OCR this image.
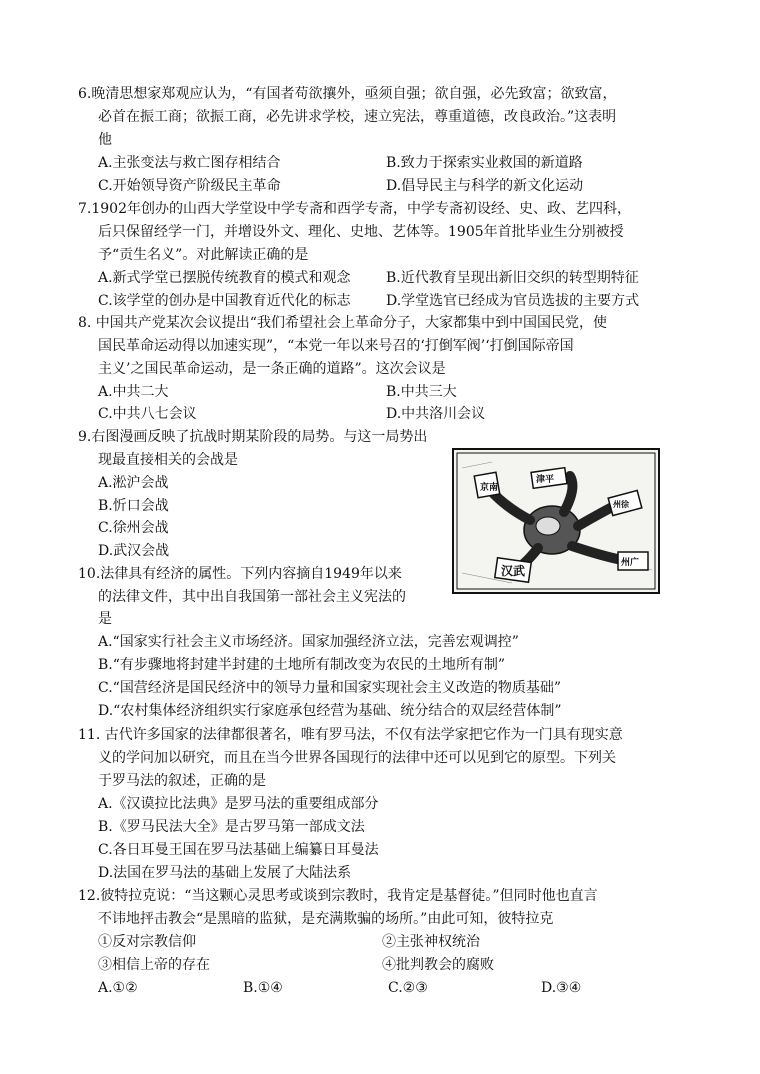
6.晚清思想家郑观应认为，“有国者苟欲攘外，亟须自强；欲自强，必先致富；欲致富，
必首在振工商；欲振工商，必先讲求学校，速立宪法，尊重道德，改良政治。”这表明
他
A.主张变法与救亡图存相结合	B.致力于探索实业救国的新道路
C.开始领导资产阶级民主革命	D.倡导民主与科学的新文化运动
7.1902年创办的山西大学堂设中学专斋和西学专斋，中学专斋初设经、史、政、艺四科，
后只保留经学一门，并增设外文、理化、史地、艺体等。1905年首批毕业生分别被授
予“贡生名义”。对此解读正确的是
A.新式学堂已摆脱传统教育的模式和观念	B.近代教育呈现出新旧交织的转型期特征
C.该学堂的创办是中国教育近代化的标志	D.学堂选官已经成为官员选拔的主要方式
8. 中国共产党某次会议提出“我们希望社会上革命分子，大家都集中到中国国民党，使
国民革命运动得以加速实现”，“本党一年以来号召的‘打倒军阀’‘打倒国际帝国
主义’之国民革命运动，是一条正确的道路”。这次会议是
A.中共二大	B.中共三大
C.中共八七会议	D.中共洛川会议
9.右图漫画反映了抗战时期某阶段的局势。与这一局势出
现最直接相关的会战是
A.淞沪会战
B.忻口会战
C.徐州会战
D.武汉会战
京南
津平
州徐
汉武
州广
10.法律具有经济的属性。下列内容摘自1949年以来
的法律文件，其中出自我国第一部社会主义宪法的
是
A.“国家实行社会主义市场经济。国家加强经济立法，完善宏观调控”
B.“有步骤地将封建半封建的土地所有制改变为农民的土地所有制”
C.“国营经济是国民经济中的领导力量和国家实现社会主义改造的物质基础”
D.“农村集体经济组织实行家庭承包经营为基础、统分结合的双层经营体制”
11. 古代许多国家的法律都很著名，唯有罗马法，不仅有法学家把它作为一门具有现实意
义的学问加以研究，而且在当今世界各国现行的法律中还可以见到它的原型。下列关
于罗马法的叙述，正确的是
A.《汉谟拉比法典》是罗马法的重要组成部分
B.《罗马民法大全》是古罗马第一部成文法
C.各日耳曼王国在罗马法基础上编纂日耳曼法
D.法国在罗马法的基础上发展了大陆法系
12.彼特拉克说：“当这颗心灵思考或谈到宗教时，我肯定是基督徒。”但同时他也直言
不讳地抨击教会“是黑暗的监狱，是充满欺骗的场所。”由此可知，彼特拉克
①反对宗教信仰	②主张神权统治
③相信上帝的存在	④批判教会的腐败
A.①②	B.①④	C.②③	D.③④
